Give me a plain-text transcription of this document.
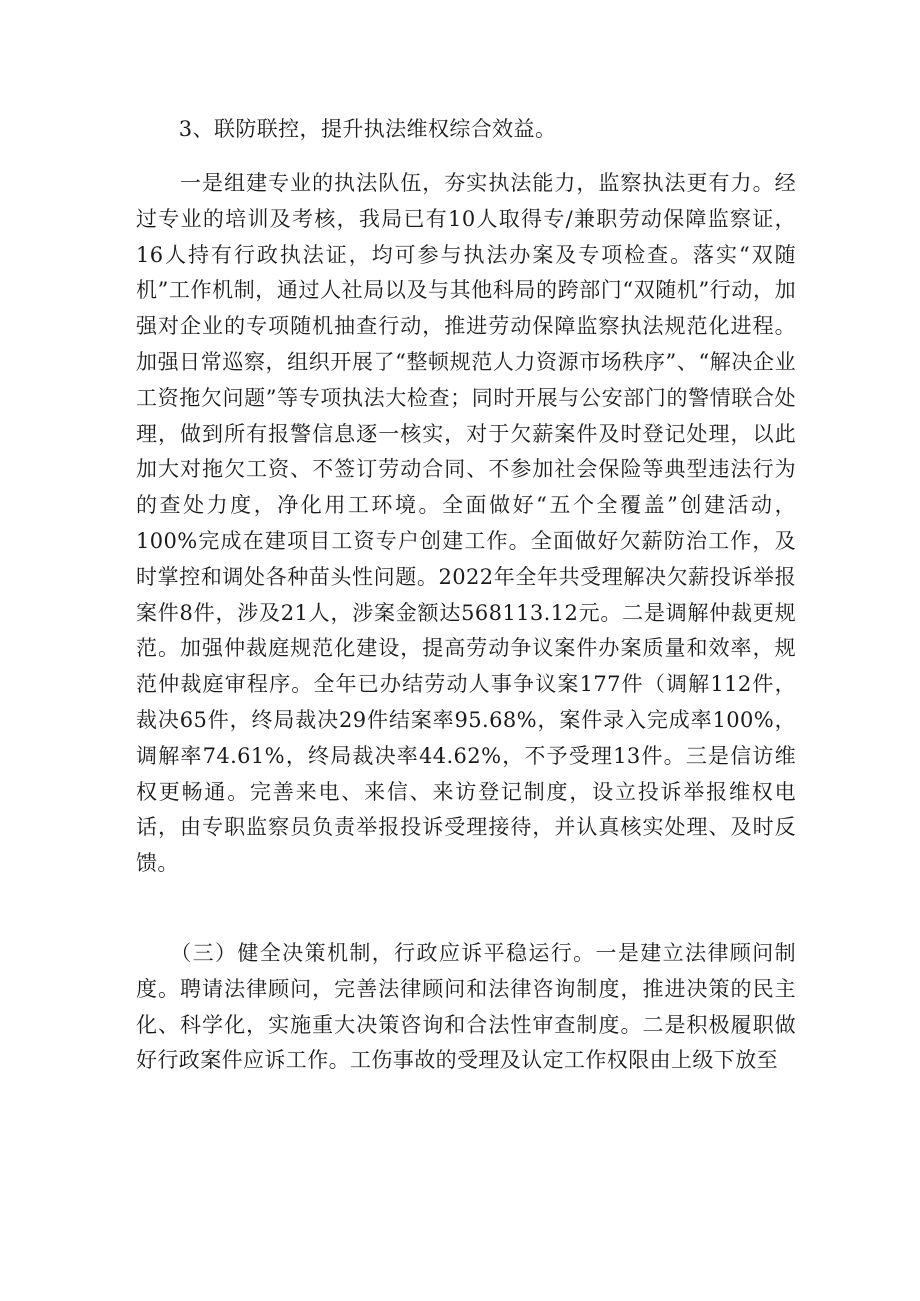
　　3、联防联控，提升执法维权综合效益。
　　一是组建专业的执法队伍，夯实执法能力，监察执法更有力。经过专业的培训及考核，我局已有10人取得专/兼职劳动保障监察证，16人持有行政执法证，均可参与执法办案及专项检查。落实“双随机”工作机制，通过人社局以及与其他科局的跨部门“双随机”行动，加强对企业的专项随机抽查行动，推进劳动保障监察执法规范化进程。加强日常巡察，组织开展了“整顿规范人力资源市场秩序”、“解决企业工资拖欠问题”等专项执法大检查；同时开展与公安部门的警情联合处理，做到所有报警信息逐一核实，对于欠薪案件及时登记处理，以此加大对拖欠工资、不签订劳动合同、不参加社会保险等典型违法行为的查处力度，净化用工环境。全面做好“五个全覆盖”创建活动，100%完成在建项目工资专户创建工作。全面做好欠薪防治工作，及时掌控和调处各种苗头性问题。2022年全年共受理解决欠薪投诉举报案件8件，涉及21人，涉案金额达568113.12元。二是调解仲裁更规范。加强仲裁庭规范化建设，提高劳动争议案件办案质量和效率，规范仲裁庭审程序。全年已办结劳动人事争议案177件（调解112件，裁决65件，终局裁决29件结案率95.68%，案件录入完成率100%，调解率74.61%，终局裁决率44.62%，不予受理13件。三是信访维权更畅通。完善来电、来信、来访登记制度，设立投诉举报维权电话，由专职监察员负责举报投诉受理接待，并认真核实处理、及时反馈。
　　（三）健全决策机制，行政应诉平稳运行。一是建立法律顾问制度。聘请法律顾问，完善法律顾问和法律咨询制度，推进决策的民主化、科学化，实施重大决策咨询和合法性审查制度。二是积极履职做好行政案件应诉工作。工伤事故的受理及认定工作权限由上级下放至
